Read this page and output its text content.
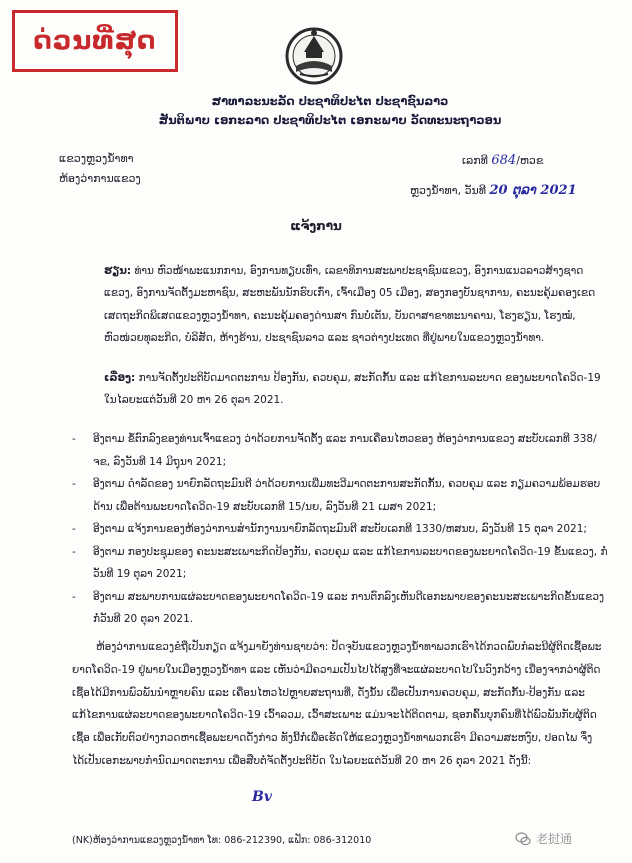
ດ່ວນທີ່ສຸດ
ສາທາລະນະລັດ ປະຊາທິປະໄຕ ປະຊາຊົນລາວ
ສັນຕິພາບ ເອກະລາດ ປະຊາທິປະໄຕ ເອກະພາບ ວັດທະນະຖາວອນ
ແຂວງຫຼວງນໍ້າທາ
ຫ້ອງວ່າການແຂວງ
ເລກທີ 684/ຫວຂ
ຫຼວງນໍ້າທາ, ວັນທີ 20 ຕຸລາ 2021
ແຈ້ງການ
ຮຽນ: ທ່ານ ຫົວໜ້າພະແນກການ, ອົງການທຽບເທົ່າ, ເລຂາທິການສະພາປະຊາຊົນແຂວງ, ອົງການແນວລາວສ້າງຊາດແຂວງ, ອົງການຈັດຕັ້ງມະຫາຊົນ, ສະຫະພັນນັກຮົບເກົ່າ, ເຈົ້າເມືອງ 05 ເມືອງ, ສອງກອງບັນຊາການ, ຄະນະຄຸ້ມຄອງເຂດເສດຖະກິດພິເສດແຂວງຫຼວງນໍ້າທາ, ຄະນະຄຸ້ມຄອງດ່ານສາ ກົນບໍ່ເຕັນ, ບັນດາສາຂາທະນາຄານ, ໂຮງຮຽນ, ໂຮງໝໍ, ຫົວໜ່ວຍທຸລະກິດ, ບໍລິສັດ, ຫ້າງຮ້ານ, ປະຊາຊົນລາວ ແລະ ຊາວຕ່າງປະເທດ ທີ່ຢູ່ພາຍໃນແຂວງຫຼວງນໍ້າທາ.
ເລື່ອງ: ການຈັດຕັ້ງປະຕິບັດມາດຕະການ ປ້ອງກັນ, ຄວບຄຸມ, ສະກັດກັ້ນ ແລະ ແກ້ໄຂການລະບາດ ຂອງພະຍາດໂຄວິດ-19 ໃນໄລຍະແຕ່ວັນທີ 20 ຫາ 26 ຕຸລາ 2021.
- ອີງຕາມ ຂໍ້ຕົກລົງຂອງທ່ານເຈົ້າແຂວງ ວ່າດ້ວຍການຈັດຕັ້ງ ແລະ ການເຄື່ອນໄຫວຂອງ ຫ້ອງວ່າການແຂວງ ສະບັບເລກທີ 338/ຈຂ, ລົງວັນທີ 14 ມິຖຸນາ 2021;
- ອີງຕາມ ດຳລັດຂອງ ນາຍົກລັດຖະມົນຕີ ວ່າດ້ວຍການເພີ່ມທະວີມາດຕະການສະກັດກັ້ນ, ຄວບຄຸມ ແລະ ກຽມຄວາມພ້ອມຮອບດ້ານ ເພື່ອຕ້ານພະຍາດໂຄວິດ-19 ສະບັບເລກທີ 15/ນຍ, ລົງວັນທີ 21 ເມສາ 2021;
- ອີງຕາມ ແຈ້ງການຂອງຫ້ອງວ່າການສຳນັກງານນາຍົກລັດຖະມົນຕີ ສະບັບເລກທີ 1330/ຫສນບ, ລົງວັນທີ 15 ຕຸລາ 2021;
- ອີງຕາມ ກອງປະຊຸມຂອງ ຄະນະສະເພາະກິດປ້ອງກັນ, ຄວບຄຸມ ແລະ ແກ້ໄຂການລະບາດຂອງພະຍາດໂຄວິດ-19 ຂັ້ນແຂວງ, ກໍ່ວັນທີ 19 ຕຸລາ 2021;
- ອີງຕາມ ສະພາບການແຜ່ລະບາດຂອງພະຍາດໂຄວິດ-19 ແລະ ການຕົກລົງເຫັນດີເອກະພາບຂອງຄະນະສະເພາະກິດຂັ້ນແຂວງ ກໍ່ວັນທີ 20 ຕຸລາ 2021.
ຫ້ອງວ່າການແຂວງຂໍຖືເປັນກຽດ ແຈ້ງມາຍັງທ່ານຊາບວ່າ: ປັດຈຸບັນແຂວງຫຼວງນໍ້າທາພວກເຮົາໄດ້ກວດພົບກໍລະນີຜູ້ຕິດເຊື້ອພະຍາດໂຄວິດ-19 ຢູ່ພາຍໃນເມືອງຫຼວງນໍ້າທາ ແລະ ເຫັນວ່າມີຄວາມເປັນໄປໄດ້ສູງທີ່ຈະແຜ່ລະບາດໄປໃນວົງກວ້າງ ເນື່ອງຈາກວ່າຜູ້ຕິດເຊື້ອໄດ້ມີການພົວພັນນຳຫຼາຍຄົນ ແລະ ເຄື່ອນໄຫວໄປຫຼາຍສະຖານທີ່, ດັ່ງນັ້ນ ເພື່ອເປັນການຄວບຄຸມ, ສະກັດກັ້ນ-ປ້ອງກັນ ແລະ ແກ້ໄຂການແຜ່ລະບາດຂອງພະຍາດໂຄວິດ-19 ເວົ້າລວມ, ເວົ້າສະເພາະ ແມ່ນຈະໄດ້ຕິດຕາມ, ຊອກຄົ້ນບຸກຄົນທີ່ໄດ້ພົວພັນກັບຜູ້ຕິດເຊື້ອ ເພື່ອເກັບຕົວຢ່າງກວດຫາເຊື້ອພະຍາດດັ່ງກ່າວ ທັງນີ້ກໍ່ເພື່ອເຮັດໃຫ້ແຂວງຫຼວງນໍ້າທາພວກເຮົາ ມີຄວາມສະຫງົບ, ປອດໄພ ຈຶ່ງໄດ້ເປັນເອກະພາບກຳນົດມາດຕະການ ເພື່ອສືບຕໍ່ຈັດຕັ້ງປະຕິບັດ ໃນໄລຍະແຕ່ວັນທີ 20 ຫາ 26 ຕຸລາ 2021 ດັ່ງນີ້:
Bv
(NK)ຫ້ອງວ່າການແຂວງຫຼວງນໍ້າທາ ໂທ: 086-212390, ແຟັກ: 086-312010	老挝通
